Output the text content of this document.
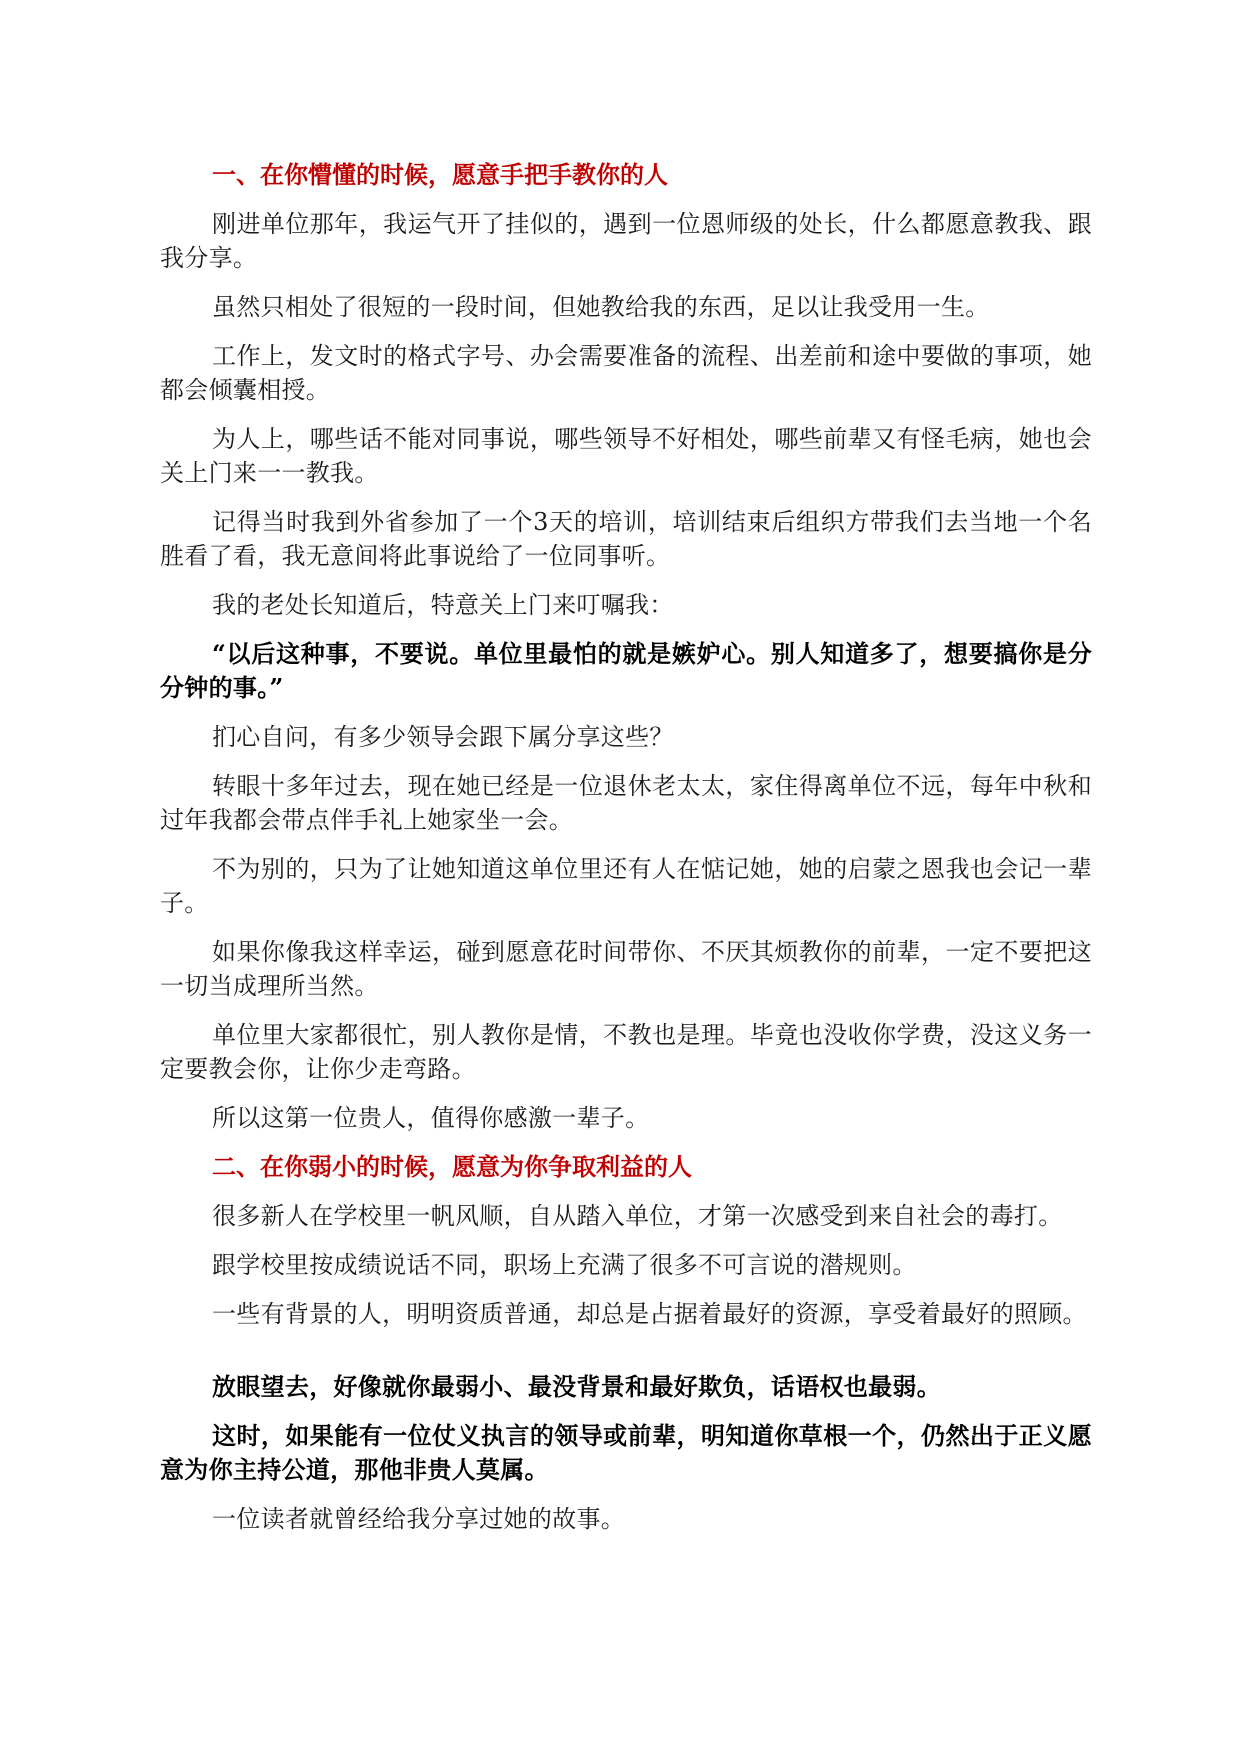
一、在你懵懂的时候，愿意手把手教你的人

刚进单位那年，我运气开了挂似的，遇到一位恩师级的处长，什么都愿意教我、跟我分享。

虽然只相处了很短的一段时间，但她教给我的东西，足以让我受用一生。

工作上，发文时的格式字号、办会需要准备的流程、出差前和途中要做的事项，她都会倾囊相授。

为人上，哪些话不能对同事说，哪些领导不好相处，哪些前辈又有怪毛病，她也会关上门来一一教我。

记得当时我到外省参加了一个3天的培训，培训结束后组织方带我们去当地一个名胜看了看，我无意间将此事说给了一位同事听。

我的老处长知道后，特意关上门来叮嘱我：

“以后这种事，不要说。单位里最怕的就是嫉妒心。别人知道多了，想要搞你是分分钟的事。”

扪心自问，有多少领导会跟下属分享这些？

转眼十多年过去，现在她已经是一位退休老太太，家住得离单位不远，每年中秋和过年我都会带点伴手礼上她家坐一会。

不为别的，只为了让她知道这单位里还有人在惦记她，她的启蒙之恩我也会记一辈子。

如果你像我这样幸运，碰到愿意花时间带你、不厌其烦教你的前辈，一定不要把这一切当成理所当然。

单位里大家都很忙，别人教你是情，不教也是理。毕竟也没收你学费，没这义务一定要教会你，让你少走弯路。

所以这第一位贵人，值得你感激一辈子。

二、在你弱小的时候，愿意为你争取利益的人

很多新人在学校里一帆风顺，自从踏入单位，才第一次感受到来自社会的毒打。

跟学校里按成绩说话不同，职场上充满了很多不可言说的潜规则。

一些有背景的人，明明资质普通，却总是占据着最好的资源，享受着最好的照顾。

放眼望去，好像就你最弱小、最没背景和最好欺负，话语权也最弱。

这时，如果能有一位仗义执言的领导或前辈，明知道你草根一个，仍然出于正义愿意为你主持公道，那他非贵人莫属。

一位读者就曾经给我分享过她的故事。
